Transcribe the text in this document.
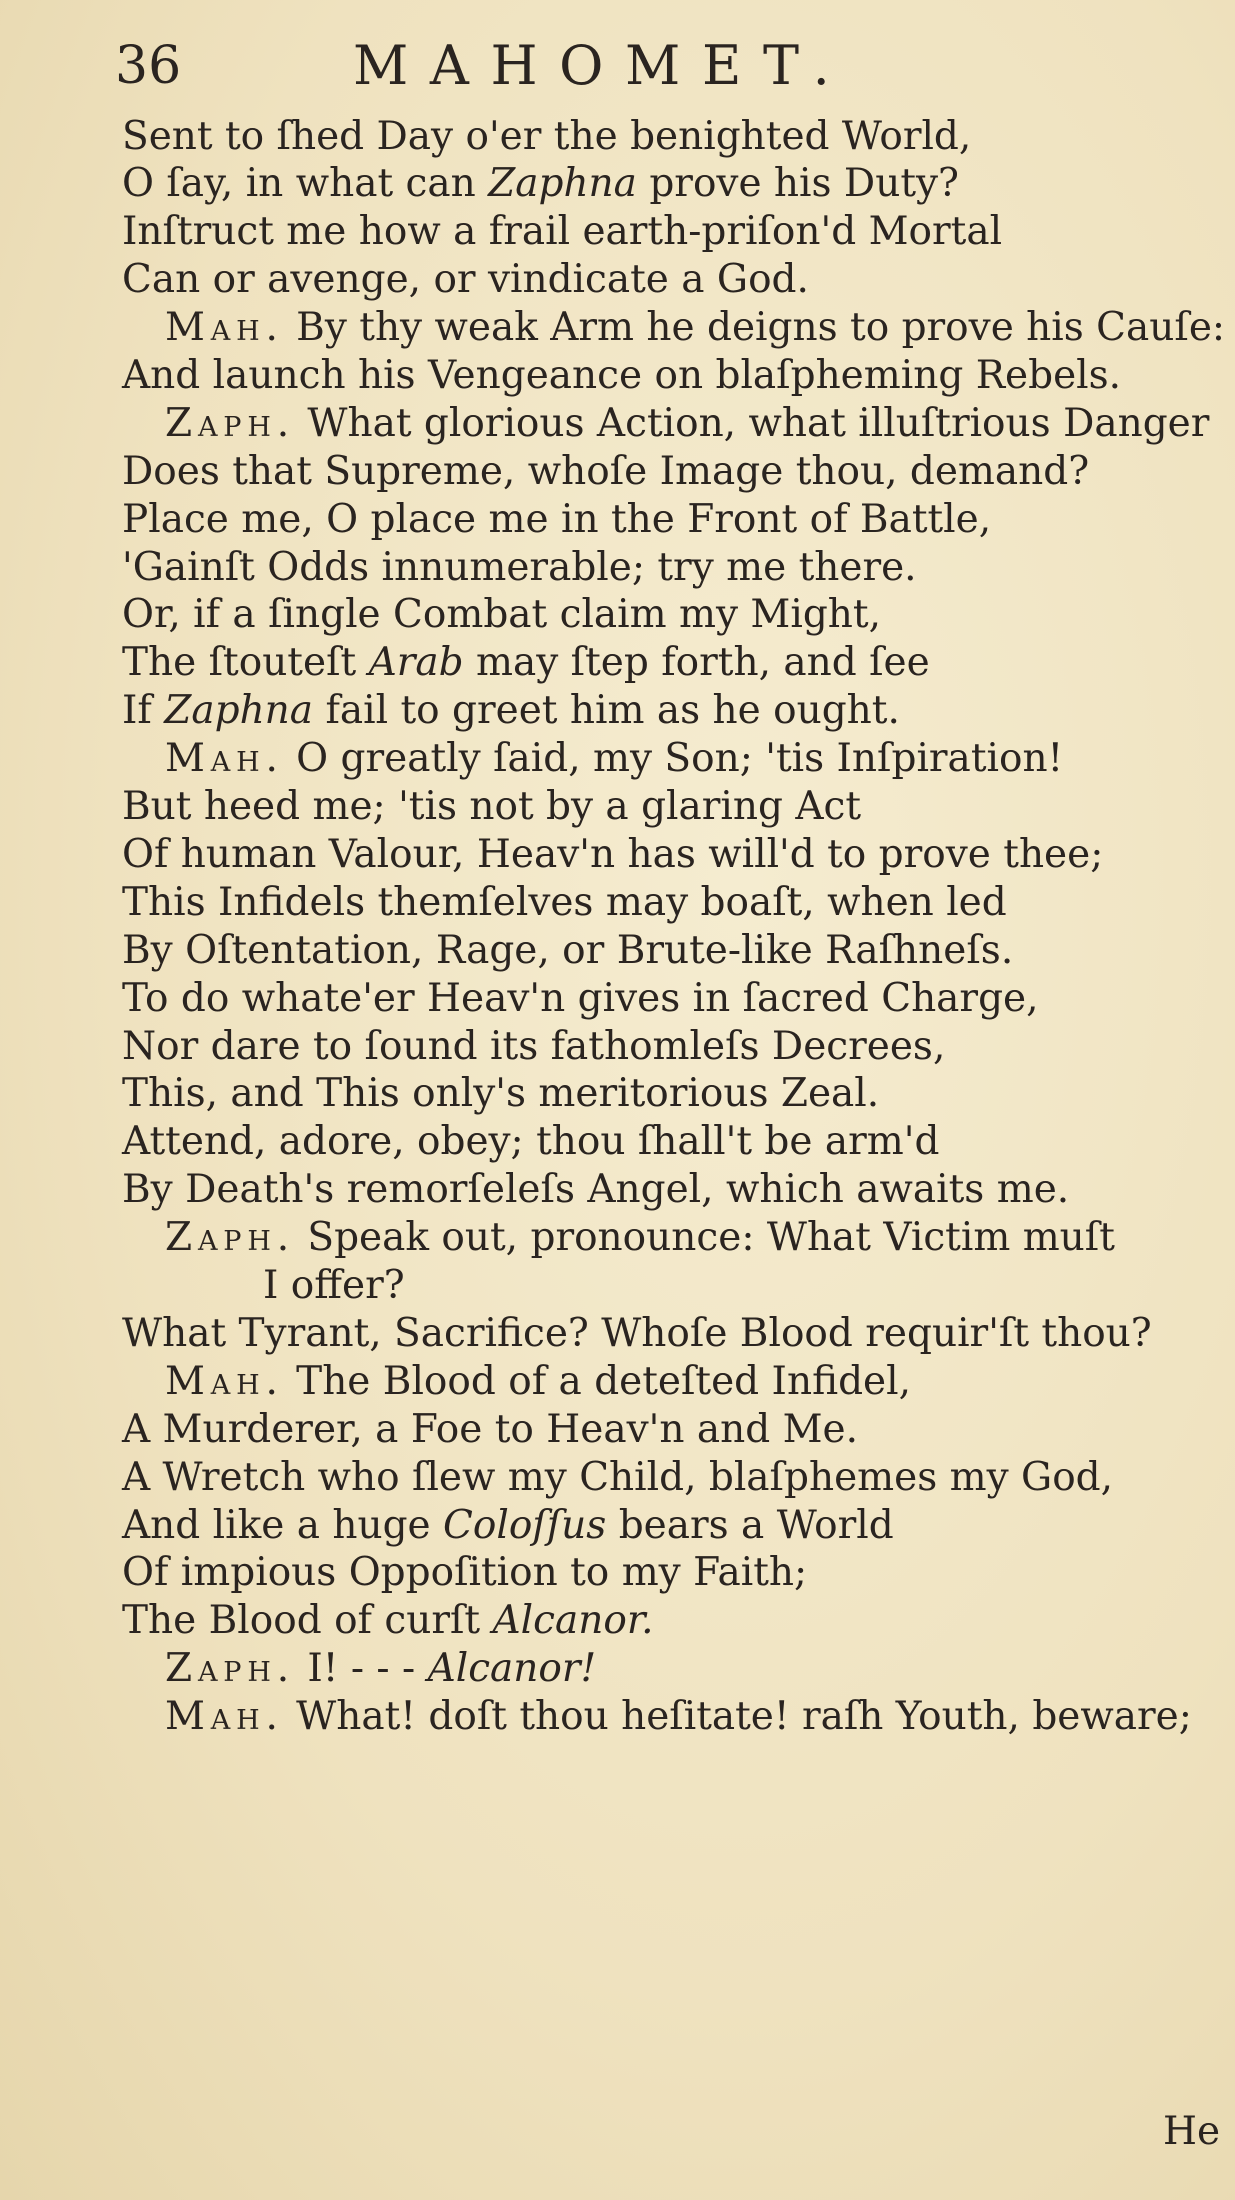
36	MAHOMET.
Sent to ſhed Day o'er the benighted World,
O ſay, in what can Zaphna prove his Duty?
Inſtruct me how a frail earth-priſon'd Mortal
Can or avenge, or vindicate a God.
Mah. By thy weak Arm he deigns to prove his Cauſe:
And launch his Vengeance on blaſpheming Rebels.
Zaph. What glorious Action, what illuſtrious Danger
Does that Supreme, whoſe Image thou, demand?
Place me, O place me in the Front of Battle,
'Gainſt Odds innumerable; try me there.
Or, if a ſingle Combat claim my Might,
The ſtouteſt Arab may ſtep forth, and ſee
If Zaphna fail to greet him as he ought.
Mah. O greatly ſaid, my Son; 'tis Inſpiration!
But heed me; 'tis not by a glaring Act
Of human Valour, Heav'n has will'd to prove thee;
This Infidels themſelves may boaſt, when led
By Oſtentation, Rage, or Brute-like Raſhneſs.
To do whate'er Heav'n gives in ſacred Charge,
Nor dare to ſound its fathomleſs Decrees,
This, and This only's meritorious Zeal.
Attend, adore, obey; thou ſhall't be arm'd
By Death's remorſeleſs Angel, which awaits me.
Zaph. Speak out, pronounce: What Victim muſt
I offer?
What Tyrant, Sacrifice? Whoſe Blood requir'ſt thou?
Mah. The Blood of a deteſted Infidel,
A Murderer, a Foe to Heav'n and Me.
A Wretch who ſlew my Child, blaſphemes my God,
And like a huge Coloſſus bears a World
Of impious Oppoſition to my Faith;
The Blood of curſt Alcanor.
Zaph. I! - - - Alcanor!
Mah. What! doſt thou heſitate! raſh Youth, beware;
He
